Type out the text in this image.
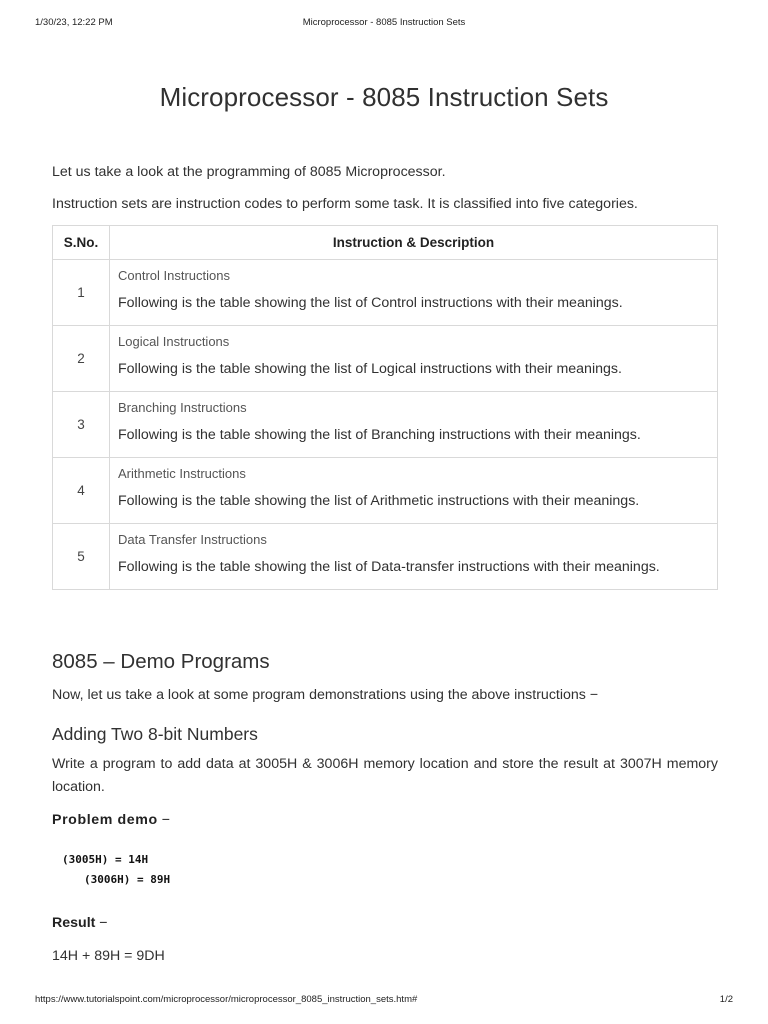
1/30/23, 12:22 PM	Microprocessor - 8085 Instruction Sets
Microprocessor - 8085 Instruction Sets

Let us take a look at the programming of 8085 Microprocessor.

Instruction sets are instruction codes to perform some task. It is classified into five categories.

S.No.	Instruction & Description
1	Control Instructions
Following is the table showing the list of Control instructions with their meanings.

2	Logical Instructions
Following is the table showing the list of Logical instructions with their meanings.

3	Branching Instructions
Following is the table showing the list of Branching instructions with their meanings.

4	Arithmetic Instructions
Following is the table showing the list of Arithmetic instructions with their meanings.

5	Data Transfer Instructions
Following is the table showing the list of Data-transfer instructions with their meanings.
8085 – Demo Programs

Now, let us take a look at some program demonstrations using the above instructions −

Adding Two 8-bit Numbers

Write a program to add data at 3005H & 3006H memory location and store the result at 3007H memory location.

Problem demo −

(3005H) = 14H
(3006H) = 89H

Result −

14H + 89H = 9DH

https://www.tutorialspoint.com/microprocessor/microprocessor_8085_instruction_sets.htm#	1/2
